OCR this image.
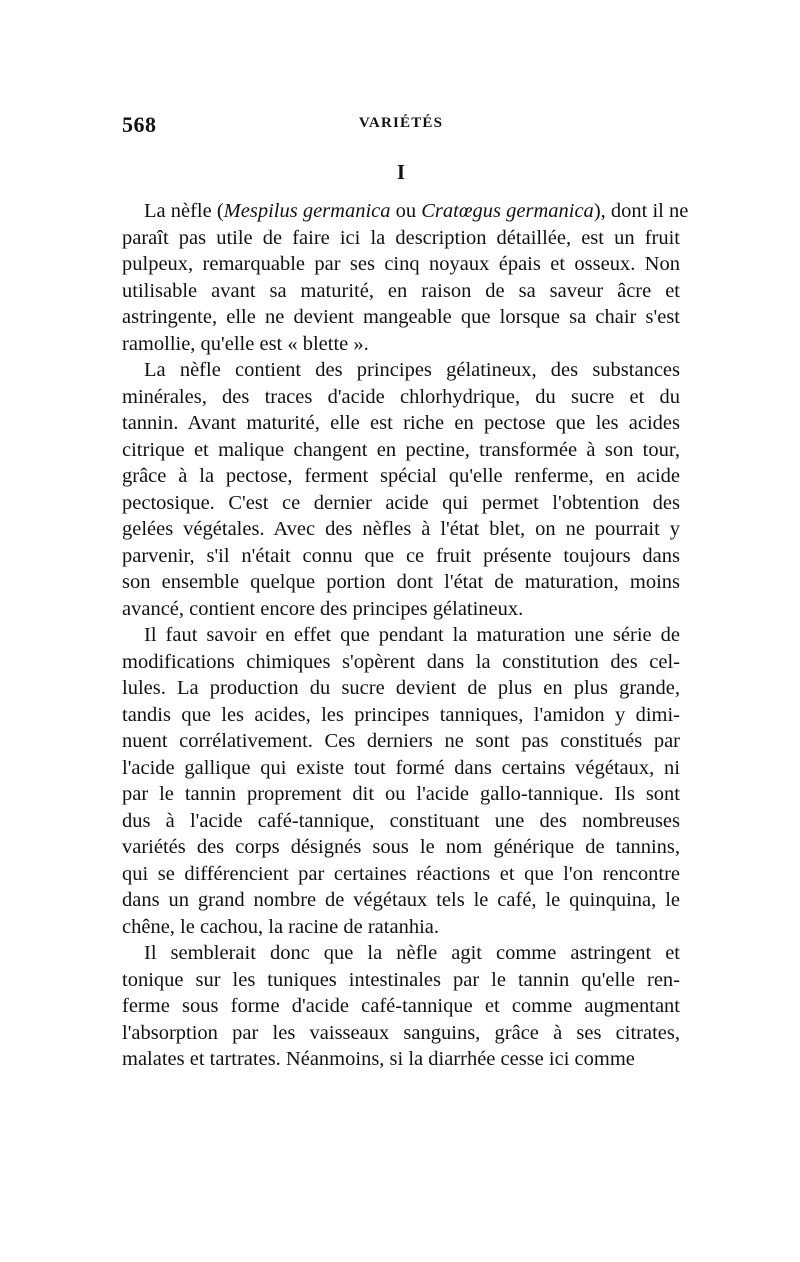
568	VARIÉTÉS
I
La nèfle (Mespilus germanica ou Cratœgus germanica), dont il ne
paraît pas utile de faire ici la description détaillée, est un fruit
pulpeux, remarquable par ses cinq noyaux épais et osseux. Non
utilisable avant sa maturité, en raison de sa saveur âcre et
astringente, elle ne devient mangeable que lorsque sa chair s'est
ramollie, qu'elle est « blette ».
La nèfle contient des principes gélatineux, des substances
minérales, des traces d'acide chlorhydrique, du sucre et du
tannin. Avant maturité, elle est riche en pectose que les acides
citrique et malique changent en pectine, transformée à son tour,
grâce à la pectose, ferment spécial qu'elle renferme, en acide
pectosique. C'est ce dernier acide qui permet l'obtention des
gelées végétales. Avec des nèfles à l'état blet, on ne pourrait y
parvenir, s'il n'était connu que ce fruit présente toujours dans
son ensemble quelque portion dont l'état de maturation, moins
avancé, contient encore des principes gélatineux.
Il faut savoir en effet que pendant la maturation une série de
modifications chimiques s'opèrent dans la constitution des cel-
lules. La production du sucre devient de plus en plus grande,
tandis que les acides, les principes tanniques, l'amidon y dimi-
nuent corrélativement. Ces derniers ne sont pas constitués par
l'acide gallique qui existe tout formé dans certains végétaux, ni
par le tannin proprement dit ou l'acide gallo-tannique. Ils sont
dus à l'acide café-tannique, constituant une des nombreuses
variétés des corps désignés sous le nom générique de tannins,
qui se différencient par certaines réactions et que l'on rencontre
dans un grand nombre de végétaux tels le café, le quinquina, le
chêne, le cachou, la racine de ratanhia.
Il semblerait donc que la nèfle agit comme astringent et
tonique sur les tuniques intestinales par le tannin qu'elle ren-
ferme sous forme d'acide café-tannique et comme augmentant
l'absorption par les vaisseaux sanguins, grâce à ses citrates,
malates et tartrates. Néanmoins, si la diarrhée cesse ici comme
